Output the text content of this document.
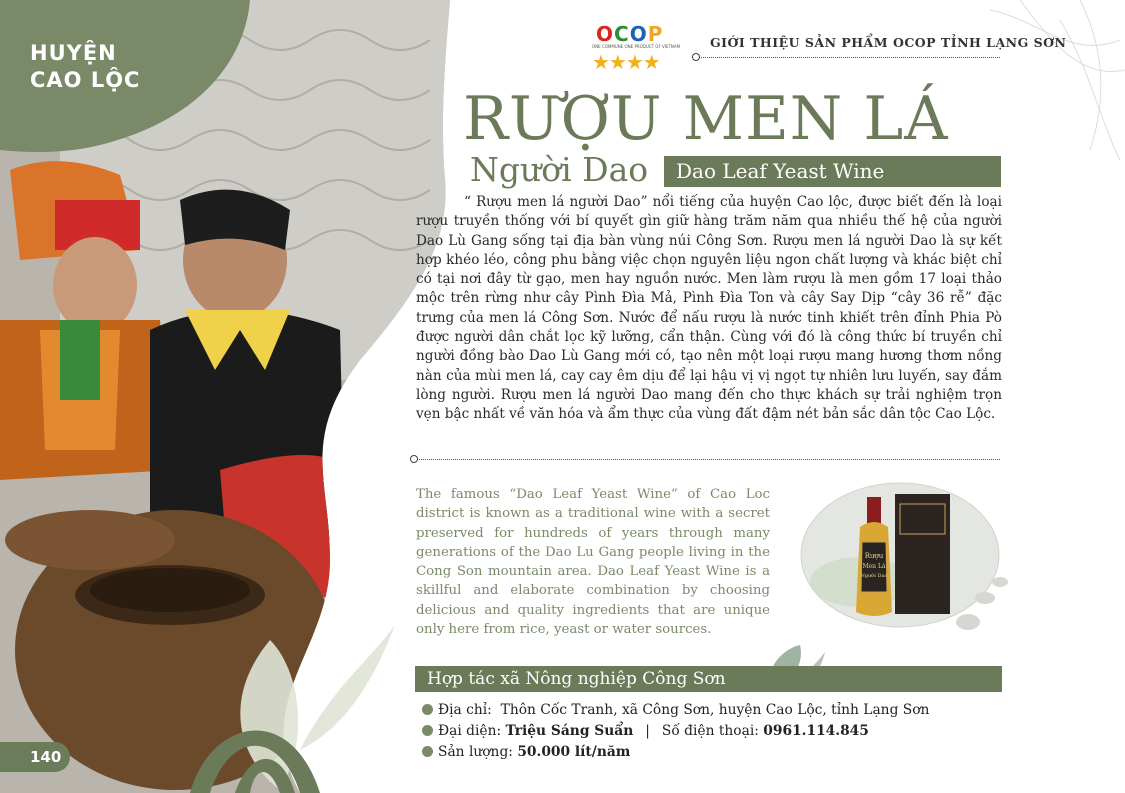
HUYỆN
CAO LỘC
140
OCOP
ONE COMMUNE ONE PRODUCT OF VIETNAM
★★★★
GIỚI THIỆU SẢN PHẨM OCOP TỈNH LẠNG SƠN
RƯỢU MEN LÁ
Người Dao	Dao Leaf Yeast Wine
“ Rượu men lá người Dao” nổi tiếng của huyện Cao lộc, được biết đến là loại rượu truyền thống với bí quyết gìn giữ hàng trăm năm qua nhiều thế hệ của người Dao Lù Gang sống tại địa bàn vùng núi Công Sơn. Rượu men lá người Dao là sự kết hợp khéo léo, công phu bằng việc chọn nguyên liệu ngon chất lượng và khác biệt chỉ có tại nơi đây từ gạo, men hay nguồn nước. Men làm rượu là men gồm 17 loại thảo mộc trên rừng như cây Pình Đìa Mả, Pình Đìa Ton và cây Say Dịp “cây 36 rễ” đặc trưng của men lá Công Sơn. Nước để nấu rượu là nước tinh khiết trên đỉnh Phia Pò được người dân chắt lọc kỹ lưỡng, cẩn thận. Cùng với đó là công thức bí truyền chỉ người đồng bào Dao Lù Gang mới có, tạo nên một loại rượu mang hương thơm nồng nàn của mùi men lá, cay cay êm dịu để lại hậu vị vị ngọt tự nhiên lưu luyến, say đắm lòng người. Rượu men lá người Dao mang đến cho thực khách sự trải nghiệm trọn vẹn bậc nhất về văn hóa và ẩm thực của vùng đất đậm nét bản sắc dân tộc Cao Lộc.
The famous “Dao Leaf Yeast Wine” of Cao Loc district is known as a traditional wine with a secret preserved for hundreds of years through many generations of the Dao Lu Gang people living in the Cong Son mountain area. Dao Leaf Yeast Wine is a skillful and elaborate combination by choosing delicious and quality ingredients that are unique only here from rice, yeast or water sources.
Rượu
Men Lá
Người Dao
Hợp tác xã Nông nghiệp Công Sơn
Địa chỉ: Thôn Cốc Tranh, xã Công Sơn, huyện Cao Lộc, tỉnh Lạng Sơn
Đại diện: Triệu Sáng Suẩn | Số điện thoại: 0961.114.845
Sản lượng: 50.000 lít/năm
